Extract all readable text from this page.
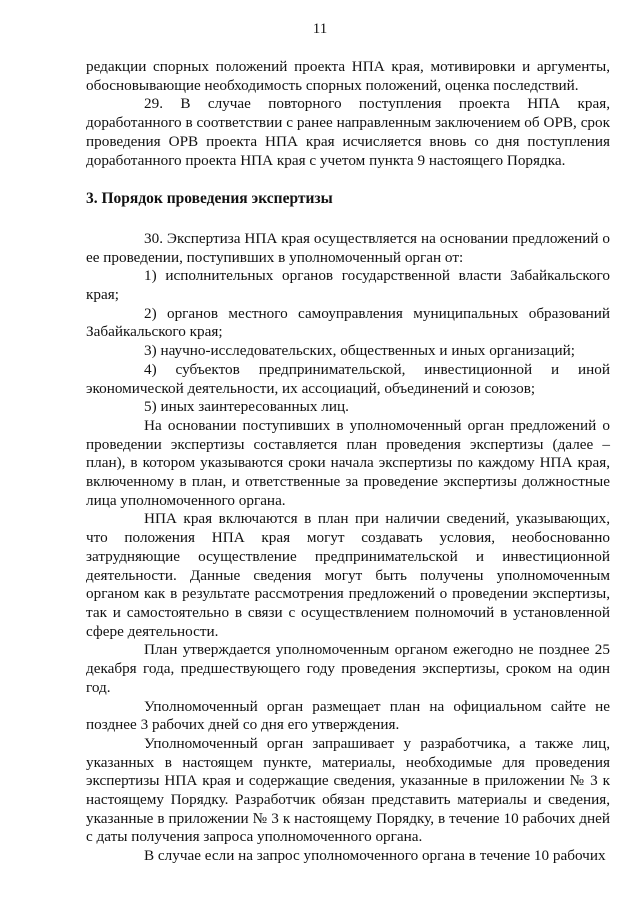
11

редакции спорных положений проекта НПА края, мотивировки и аргументы, обосновывающие необходимость спорных положений, оценка последствий.

29. В случае повторного поступления проекта НПА края, доработанного в соответствии с ранее направленным заключением об ОРВ, срок проведения ОРВ проекта НПА края исчисляется вновь со дня поступления доработанного проекта НПА края с учетом пункта 9 настоящего Порядка.

3. Порядок проведения экспертизы

30. Экспертиза НПА края осуществляется на основании предложений о ее проведении, поступивших в уполномоченный орган от:

1) исполнительных органов государственной власти Забайкальского края;

2) органов местного самоуправления муниципальных образований Забайкальского края;

3) научно-исследовательских, общественных и иных организаций;

4) субъектов предпринимательской, инвестиционной и иной экономической деятельности, их ассоциаций, объединений и союзов;

5) иных заинтересованных лиц.

На основании поступивших в уполномоченный орган предложений о проведении экспертизы составляется план проведения экспертизы (далее – план), в котором указываются сроки начала экспертизы по каждому НПА края, включенному в план, и ответственные за проведение экспертизы должностные лица уполномоченного органа.

НПА края включаются в план при наличии сведений, указывающих, что положения НПА края могут создавать условия, необоснованно затрудняющие осуществление предпринимательской и инвестиционной деятельности. Данные сведения могут быть получены уполномоченным органом как в результате рассмотрения предложений о проведении экспертизы, так и самостоятельно в связи с осуществлением полномочий в установленной сфере деятельности.

План утверждается уполномоченным органом ежегодно не позднее 25 декабря года, предшествующего году проведения экспертизы, сроком на один год.

Уполномоченный орган размещает план на официальном сайте не позднее 3 рабочих дней со дня его утверждения.

Уполномоченный орган запрашивает у разработчика, а также лиц, указанных в настоящем пункте, материалы, необходимые для проведения экспертизы НПА края и содержащие сведения, указанные в приложении № 3 к настоящему Порядку. Разработчик обязан представить материалы и сведения, указанные в приложении № 3 к настоящему Порядку, в течение 10 рабочих дней с даты получения запроса уполномоченного органа.

В случае если на запрос уполномоченного органа в течение 10 рабочих
